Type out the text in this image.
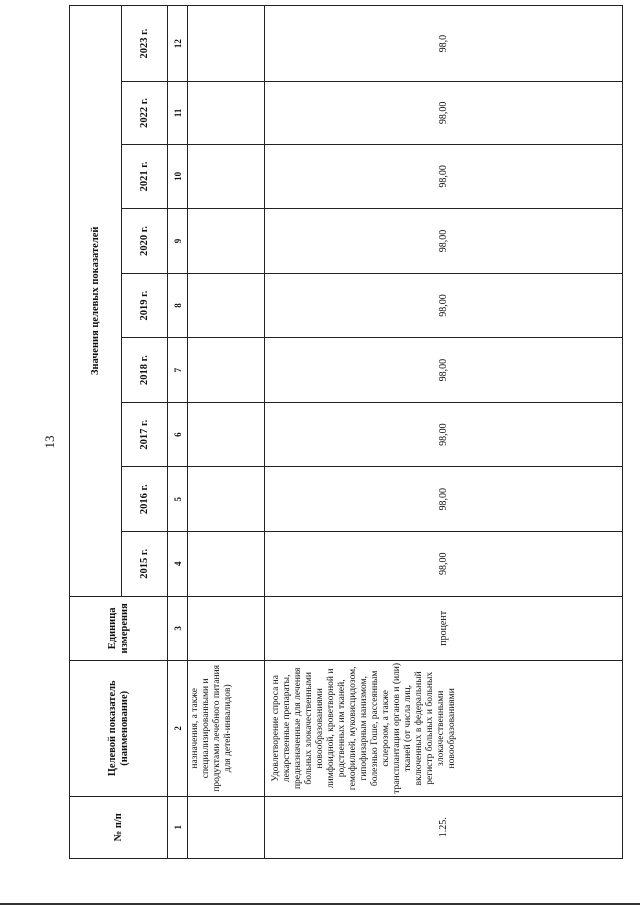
13
№ п/п	Целевой показатель (наименование)	Единица измерения	Значения целевых показателей								
			2015 г.	2016 г.	2017 г.	2018 г.	2019 г.	2020 г.	2021 г.	2022 г.	2023 г.
1	2	3	4	5	6	7	8	9	10	11	12
	назначения, а также специализированными и продуктами лечебного питания для детей-инвалидов)										
1.25.	Удовлетворение спроса на лекарственные препараты, предназначенные для лечения больных злокачественными новообразованиями лимфоидной, кроветворной и родственных им тканей, гемофилией, муковисцидозом, гипофизарным нанизмом, болезнью Гоше, рассеянным склерозом, а также трансплантации органов и (или) тканей (от числа лиц, включенных в федеральный регистр больных и больных злокачественными новообразованиями	процент	98,00	98,00	98,00	98,00	98,00	98,00	98,00	98,00	98,0
